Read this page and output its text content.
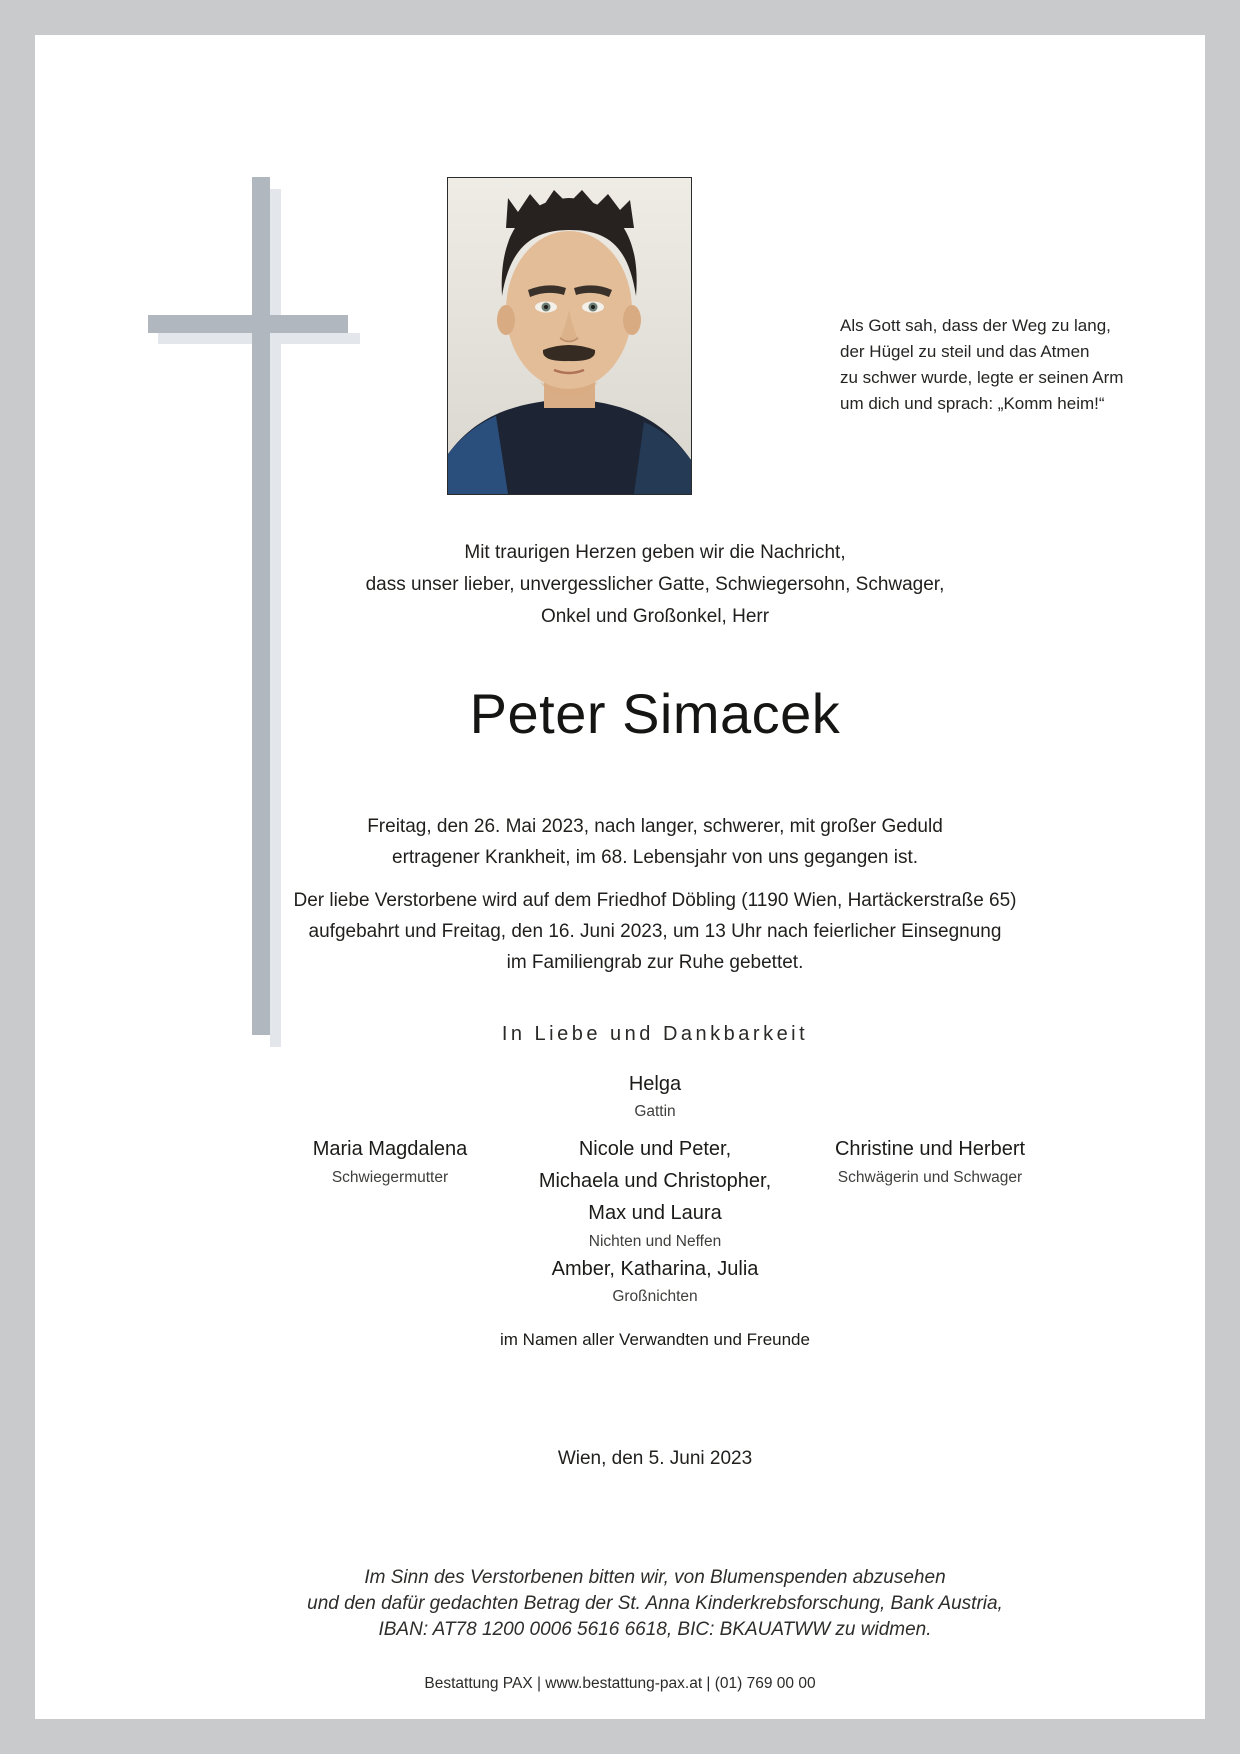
Als Gott sah, dass der Weg zu lang,
der Hügel zu steil und das Atmen
zu schwer wurde, legte er seinen Arm
um dich und sprach: „Komm heim!“
Mit traurigen Herzen geben wir die Nachricht,
dass unser lieber, unvergesslicher Gatte, Schwiegersohn, Schwager,
Onkel und Großonkel, Herr
Peter Simacek
Freitag, den 26. Mai 2023, nach langer, schwerer, mit großer Geduld
ertragener Krankheit, im 68. Lebensjahr von uns gegangen ist.
Der liebe Verstorbene wird auf dem Friedhof Döbling (1190 Wien, Hartäckerstraße 65)
aufgebahrt und Freitag, den 16. Juni 2023, um 13 Uhr nach feierlicher Einsegnung
im Familiengrab zur Ruhe gebettet.
In Liebe und Dankbarkeit
Helga
Gattin
Maria Magdalena
Schwiegermutter
Nicole und Peter,
Michaela und Christopher,
Max und Laura
Nichten und Neffen
Christine und Herbert
Schwägerin und Schwager
Amber, Katharina, Julia
Großnichten
im Namen aller Verwandten und Freunde
Wien, den 5. Juni 2023
Im Sinn des Verstorbenen bitten wir, von Blumenspenden abzusehen
und den dafür gedachten Betrag der St. Anna Kinderkrebsforschung, Bank Austria,
IBAN: AT78 1200 0006 5616 6618, BIC: BKAUATWW zu widmen.
Bestattung PAX | www.bestattung-pax.at | (01) 769 00 00
